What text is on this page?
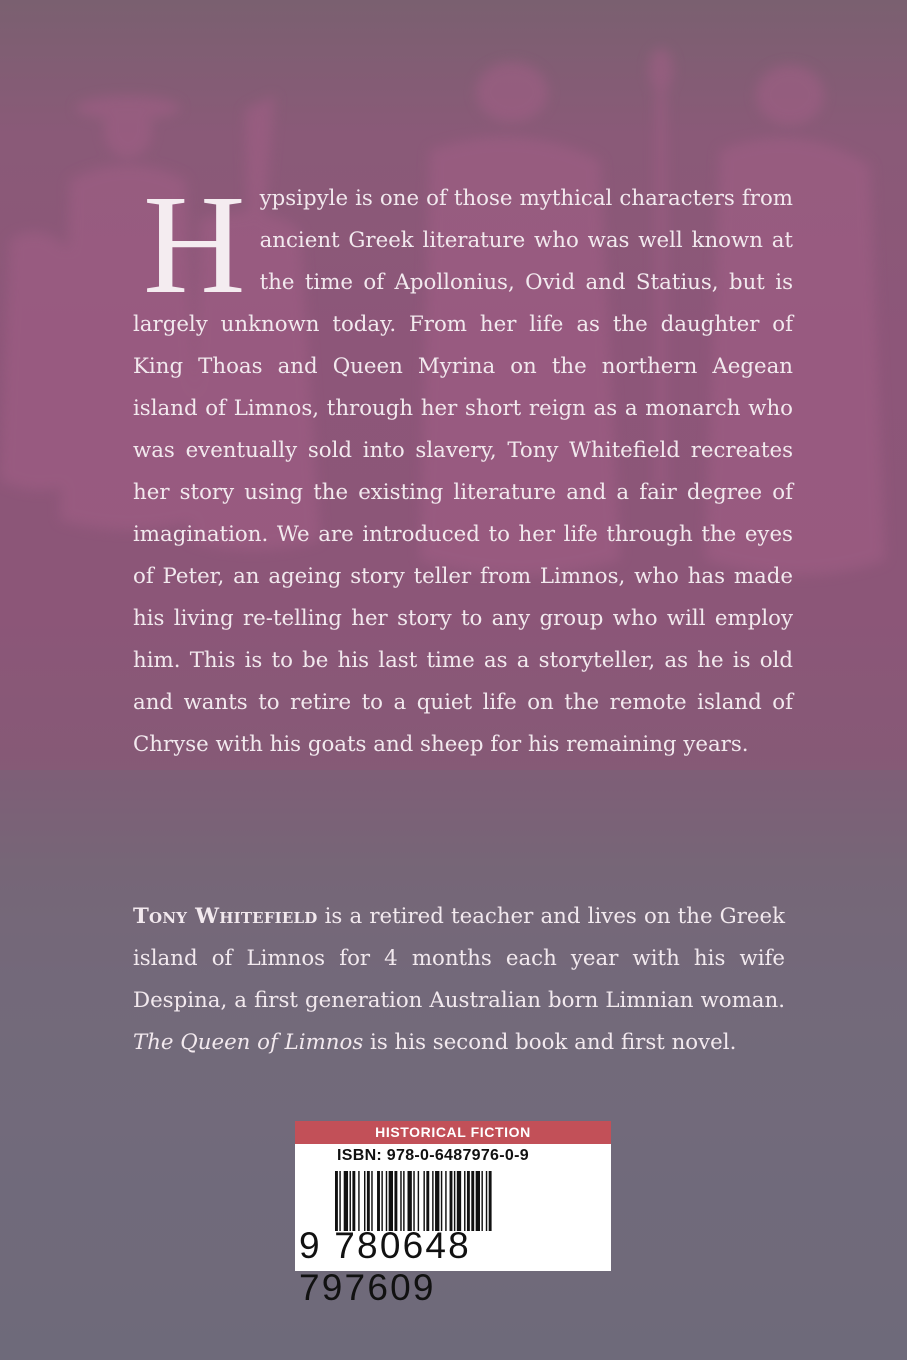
Hypsipyle is one of those mythical characters from ancient Greek literature who was well known at the time of Apollonius, Ovid and Statius, but is largely unknown today. From her life as the daughter of King Thoas and Queen Myrina on the northern Aegean island of Limnos, through her short reign as a monarch who was eventually sold into slavery, Tony Whitefield recreates her story using the existing literature and a fair degree of imagination. We are introduced to her life through the eyes of Peter, an ageing story teller from Limnos, who has made his living re-telling her story to any group who will employ him. This is to be his last time as a storyteller, as he is old and wants to retire to a quiet life on the remote island of Chryse with his goats and sheep for his remaining years.
Tony Whitefield is a retired teacher and lives on the Greek island of Limnos for 4 months each year with his wife Despina, a first generation Australian born Limnian woman. The Queen of Limnos is his second book and first novel.
HISTORICAL FICTION
ISBN: 978-0-6487976-0-9
9 780648 797609
